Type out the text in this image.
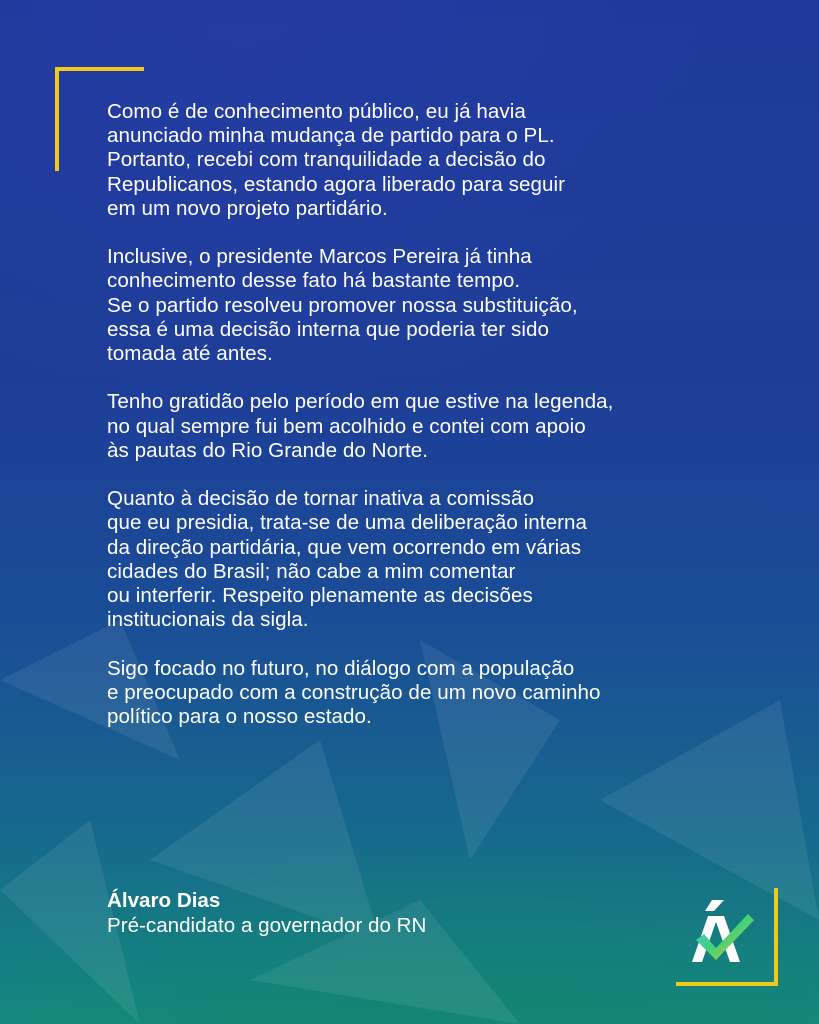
Como é de conhecimento público, eu já havia
anunciado minha mudança de partido para o PL.
Portanto, recebi com tranquilidade a decisão do
Republicanos, estando agora liberado para seguir
em um novo projeto partidário.

Inclusive, o presidente Marcos Pereira já tinha
conhecimento desse fato há bastante tempo.
Se o partido resolveu promover nossa substituição,
essa é uma decisão interna que poderia ter sido
tomada até antes.

Tenho gratidão pelo período em que estive na legenda,
no qual sempre fui bem acolhido e contei com apoio
às pautas do Rio Grande do Norte.

Quanto à decisão de tornar inativa a comissão
que eu presidia, trata-se de uma deliberação interna
da direção partidária, que vem ocorrendo em várias
cidades do Brasil; não cabe a mim comentar
ou interferir. Respeito plenamente as decisões
institucionais da sigla.

Sigo focado no futuro, no diálogo com a população
e preocupado com a construção de um novo caminho
político para o nosso estado.

Álvaro Dias
Pré-candidato a governador do RN
